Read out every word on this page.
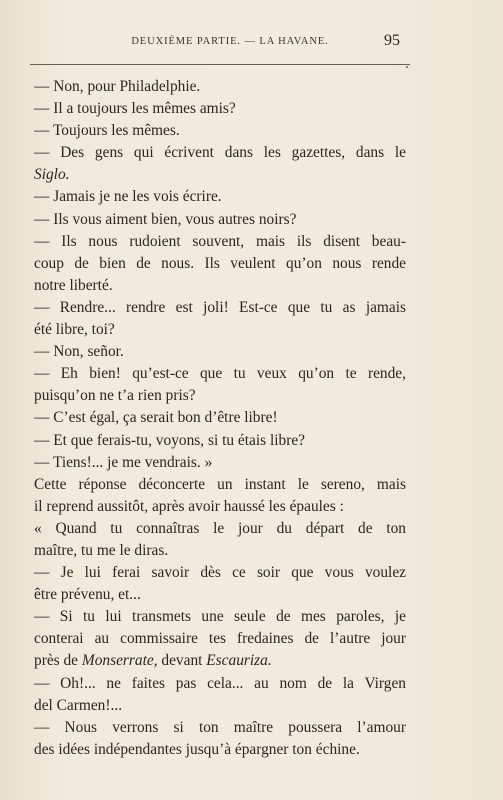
DEUXIÈME PARTIE. — LA HAVANE.	95
— Non, pour Philadelphie.
— Il a toujours les mêmes amis?
— Toujours les mêmes.
— Des gens qui écrivent dans les gazettes, dans le
Siglo.
— Jamais je ne les vois écrire.
— Ils vous aiment bien, vous autres noirs?
— Ils nous rudoient souvent, mais ils disent beau-
coup de bien de nous. Ils veulent qu’on nous rende
notre liberté.
— Rendre... rendre est joli! Est-ce que tu as jamais
été libre, toi?
— Non, señor.
— Eh bien! qu’est-ce que tu veux qu’on te rende,
puisqu’on ne t’a rien pris?
— C’est égal, ça serait bon d’être libre!
— Et que ferais-tu, voyons, si tu étais libre?
— Tiens!... je me vendrais. »
Cette réponse déconcerte un instant le sereno, mais
il reprend aussitôt, après avoir haussé les épaules :
« Quand tu connaîtras le jour du départ de ton
maître, tu me le diras.
— Je lui ferai savoir dès ce soir que vous voulez
être prévenu, et...
— Si tu lui transmets une seule de mes paroles, je
conterai au commissaire tes fredaines de l’autre jour
près de Monserrate, devant Escauriza.
— Oh!... ne faites pas cela... au nom de la Virgen
del Carmen!...
— Nous verrons si ton maître poussera l’amour
des idées indépendantes jusqu’à épargner ton échine.
